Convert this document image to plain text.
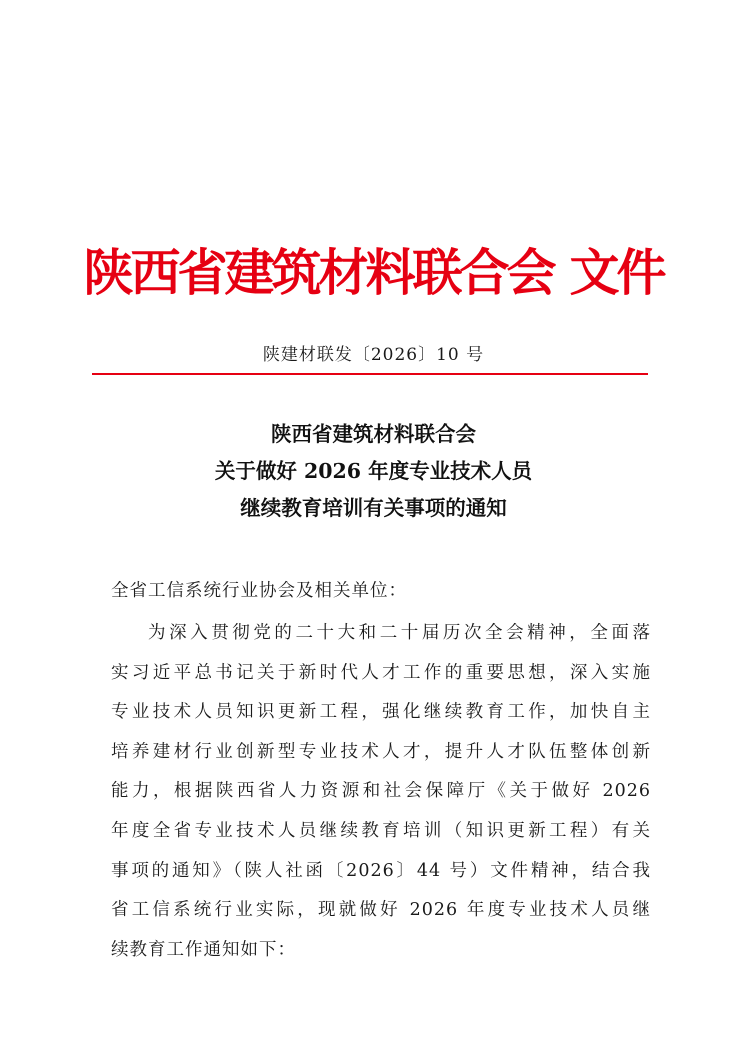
陕西省建筑材料联合会 文件
陕建材联发〔2026〕10 号
陕西省建筑材料联合会
关于做好 2026 年度专业技术人员
继续教育培训有关事项的通知
全省工信系统行业协会及相关单位：
为深入贯彻党的二十大和二十届历次全会精神，全面落
实习近平总书记关于新时代人才工作的重要思想，深入实施
专业技术人员知识更新工程，强化继续教育工作，加快自主
培养建材行业创新型专业技术人才，提升人才队伍整体创新
能力，根据陕西省人力资源和社会保障厅《关于做好 2026
年度全省专业技术人员继续教育培训（知识更新工程）有关
事项的通知》（陕人社函〔2026〕44 号）文件精神，结合我
省工信系统行业实际，现就做好 2026 年度专业技术人员继
续教育工作通知如下：
